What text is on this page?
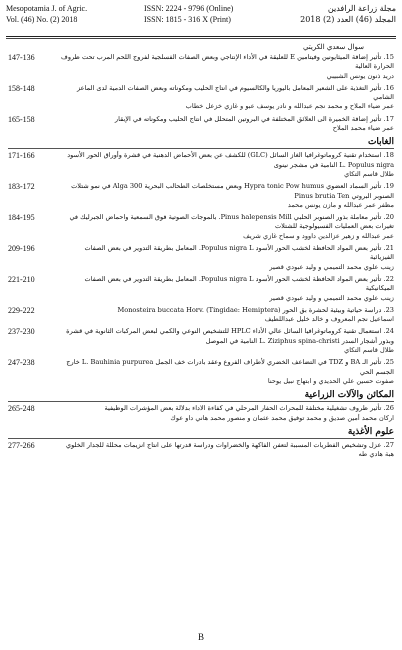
Mesopotamia J. of Agric.
Vol. (46) No. (2) 2018
ISSN: 2224 - 9796 (Online)
ISSN: 1815 - 316 X (Print)
مجلة زراعة الرافدين
المجلد (46) العدد (2) 2018
سوال سعدي الكريتي
147-136	15. تأثير إضافة الميثايونين وفيتامين E للعليقة في الأداء الإنتاجي وبعض الصفات الفسلجية لفروج اللحم المرب تحت ظروف الحرارة العالية
دريد ذنون يونس الشبيبي
158-148	16. تأثير التغذية على الشعير المعامل باليوريا والكالسيوم في انتاج الحليب ومكوناته وبعض الصفات الدمية لدى الماعز الشامي
عمر ضياء الملاح و محمد نجم عبدالله و نادر يوسف عبو و غازي خزعل خطاب
165-158	17. تأثير إضافة الخميرة الى العلائق المختلفة في البروتين المتحلل في انتاج الحليب ومكوناته في الإبقار
عمر ضياء محمد الملاح
الغابات
171-166	18. استخدام تقنية كروماتوغرافيا الغاز السائل (GLC) للكشف عن بعض الأحماض الدهنية في قشرة وأوراق الحور الأسود L. Populus nigra النامية في مشجر نينوى
طلال قاسم التكاي
183-172	19. تأثير السماد العضوي Hypra tonic Pow humus وبعض مستخلصات الطحالب البحرية Alga 300 في نمو شتلات الصنوبر البروتي Pinus brutia Ten
مظفر عمر عبدالله و مازن يونس محمد
184-195	20. تأثير معاملة بذور الصنوبر الحلبي Pinus halepensis Mill. بالموجات الصوتية فوق السمعية واحماض الجبرليك في تغيرات بعض العمليات الفسيولوجية للشتلات
عمر عبدالله و زهير عزالدين داوود و سماح غازي شريف
209-196	21. تأثير بعض المواد الحافظة لخشب الحور الأسود Populus nigra L. المعامل بطريقة التدوير في بعض الصفات الفيزيائية
زينب علوي محمد التميمي و وليد عبودي قصير
221-210	22. تأثير بعض المواد الحافظة لخشب الحور الأسود Populus nigra L. المعامل بطريقة التدوير في بعض الصفات الميكانيكية
زينب علوي محمد التميمي و وليد عبودي قصير
229-222	23. دراسة حياتية وبيئية لحشرة بق الحور Monosteira buccata Horv. (Tingidae: Hemiptera)
اسماعيل نجم المعروف و خالد خليل عبداللطيف
237-230	24. استعمال تقنية كروماتوغرافيا السائل عالي الأداء HPLC للتشخيص النوعي والكمي لبعض المركبات الثانوية في قشرة وبذور أشجار السدر L. Ziziphus spina-christi النامية في الموصل
طلال قاسم التكاي
247-238	25. تأثير الـ BA و TDZ في التضاعف الخضري لأطراف الفروع وعقد بادرات خف الجمل L. Bauhinia purpurea خارج الجسم الحي
صفوت حسين علي الحديدي و ابتهاج نبيل يوحنا
المكائن والآلات الزراعية
265-248	26. تأثير ظروف تشغيلية مختلفة للمحراث الحفار المرحلي في كفاءة الاداء بدلالة بعض المؤشرات الوظيفية
اركان محمد أمين صديق و محمد توفيق محمد عثمان و منصور محمد هاني داو عوك
علوم الأغذية
277-266	27. عزل وتشخيص الفطريات المسببة لتعفن الفاكهة والخضراوات ودراسة قدرتها على انتاج انزيمات محللة للجدار الخلوي
هبة هادي طه
B
